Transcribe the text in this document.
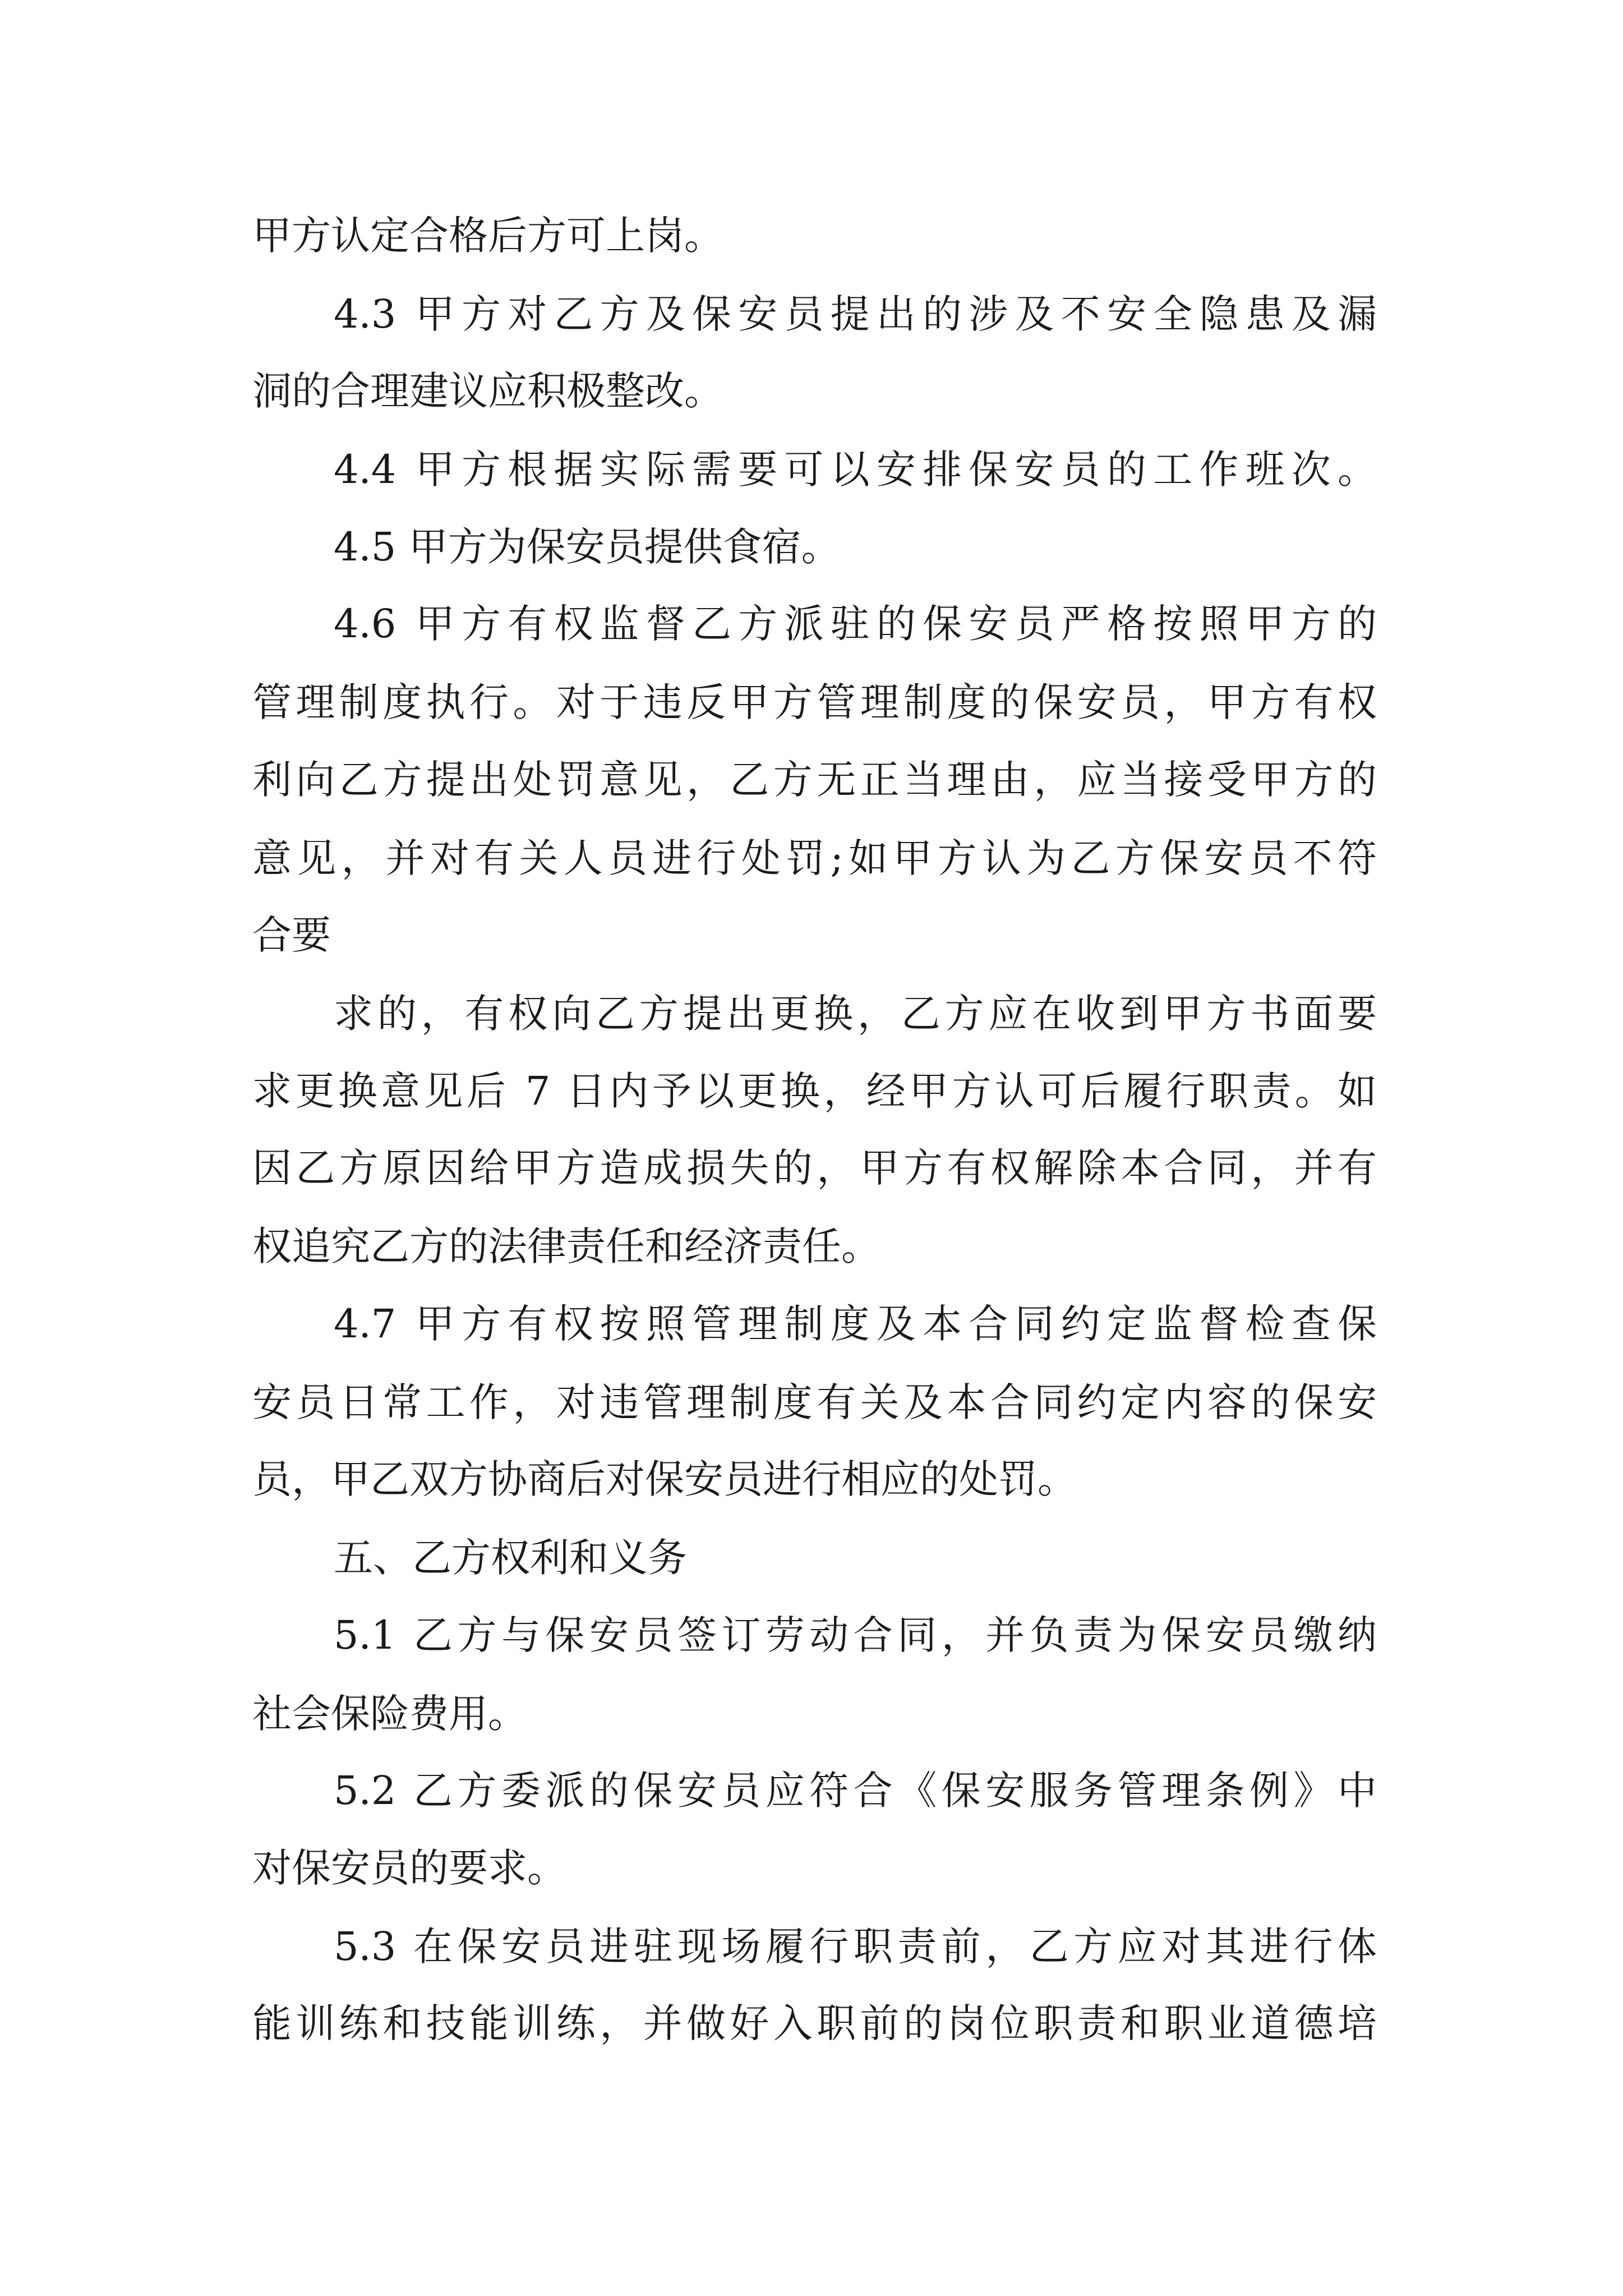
甲方认定合格后方可上岗。

4.3 甲方对乙方及保安员提出的涉及不安全隐患及漏

洞的合理建议应积极整改。

4.4 甲方根据实际需要可以安排保安员的工作班次。

4.5 甲方为保安员提供食宿。

4.6 甲方有权监督乙方派驻的保安员严格按照甲方的

管理制度执行。对于违反甲方管理制度的保安员，甲方有权

利向乙方提出处罚意见，乙方无正当理由，应当接受甲方的

意见，并对有关人员进行处罚;如甲方认为乙方保安员不符

合要

求的，有权向乙方提出更换，乙方应在收到甲方书面要

求更换意见后 7 日内予以更换，经甲方认可后履行职责。如

因乙方原因给甲方造成损失的，甲方有权解除本合同，并有

权追究乙方的法律责任和经济责任。

4.7 甲方有权按照管理制度及本合同约定监督检查保

安员日常工作，对违管理制度有关及本合同约定内容的保安

员，甲乙双方协商后对保安员进行相应的处罚。

五、乙方权利和义务

5.1 乙方与保安员签订劳动合同，并负责为保安员缴纳

社会保险费用。

5.2 乙方委派的保安员应符合《保安服务管理条例》中

对保安员的要求。

5.3 在保安员进驻现场履行职责前，乙方应对其进行体

能训练和技能训练，并做好入职前的岗位职责和职业道德培
